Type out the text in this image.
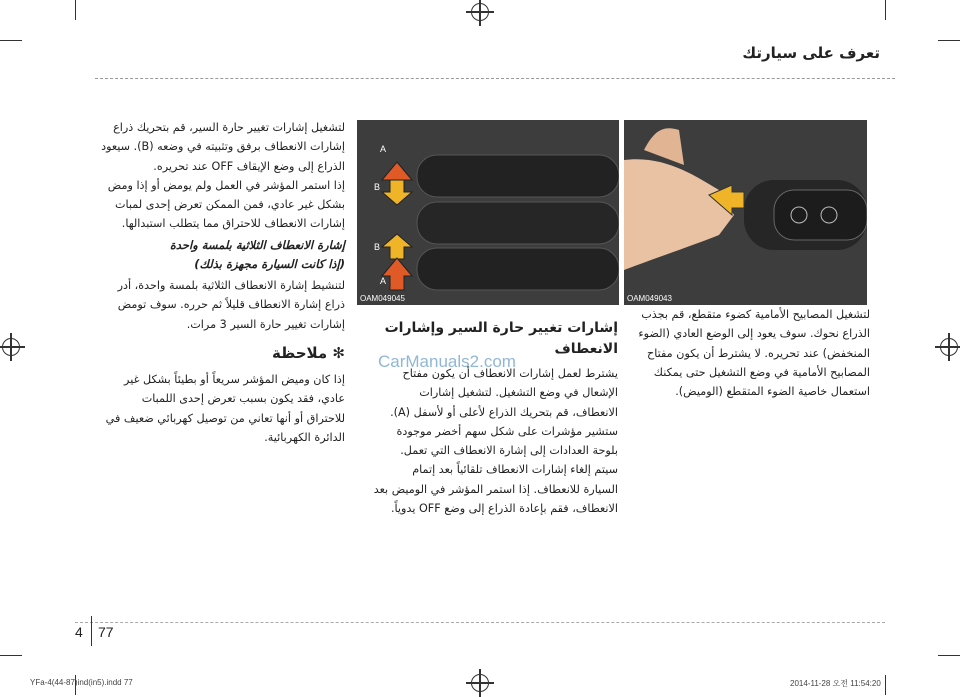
تعرف على سيارتك
OAM049043
A
B
B
A
OAM049045
لتشغيل المصابيح الأمامية كضوء متقطع، قم بجذب
الذراع نحوك. سوف يعود إلى الوضع العادي (الضوء
المنخفض) عند تحريره. لا يشترط أن يكون مفتاح
المصابيح الأمامية في وضع التشغيل حتى يمكنك
استعمال خاصية الضوء المتقطع (الوميض).
إشارات تغيير حارة السير وإشارات
الانعطاف
CarManuals2.com
يشترط لعمل إشارات الانعطاف أن يكون مفتاح
الإشعال في وضع التشغيل. لتشغيل إشارات
الانعطاف، قم بتحريك الذراع لأعلى أو لأسفل (A).
ستشير مؤشرات على شكل سهم أخضر موجودة
بلوحة العدادات إلى إشارة الانعطاف التي تعمل.
سيتم إلغاء إشارات الانعطاف تلقائياً بعد إتمام
السيارة للانعطاف. إذا استمر المؤشر في الوميض بعد
الانعطاف، فقم بإعادة الذراع إلى وضع OFF يدوياً.
لتشغيل إشارات تغيير حارة السير، قم بتحريك ذراع
إشارات الانعطاف برفق وتثبيته في وضعه (B). سيعود
الذراع إلى وضع الإيقاف OFF عند تحريره.
إذا استمر المؤشر في العمل ولم يومض أو إذا ومض
بشكل غير عادي، فمن الممكن تعرض إحدى لمبات
إشارات الانعطاف للاحتراق مما يتطلب استبدالها.
إشارة الانعطاف الثلاثية بلمسة واحدة
(إذا كانت السيارة مجهزة بذلك)
لتنشيط إشارة الانعطاف الثلاثية بلمسة واحدة، أدر
ذراع إشارة الانعطاف قليلاً ثم حرره. سوف تومض
إشارات تغيير حارة السير 3 مرات.
✻ ملاحظة
إذا كان وميض المؤشر سريعاً أو بطيئاً بشكل غير
عادي، فقد يكون بسبب تعرض إحدى اللمبات
للاحتراق أو أنها تعاني من توصيل كهربائي ضعيف في
الدائرة الكهربائية.
4 77
YFa-4(44-87)ind(in5).indd 77	2014-11-28 오전 11:54:20
